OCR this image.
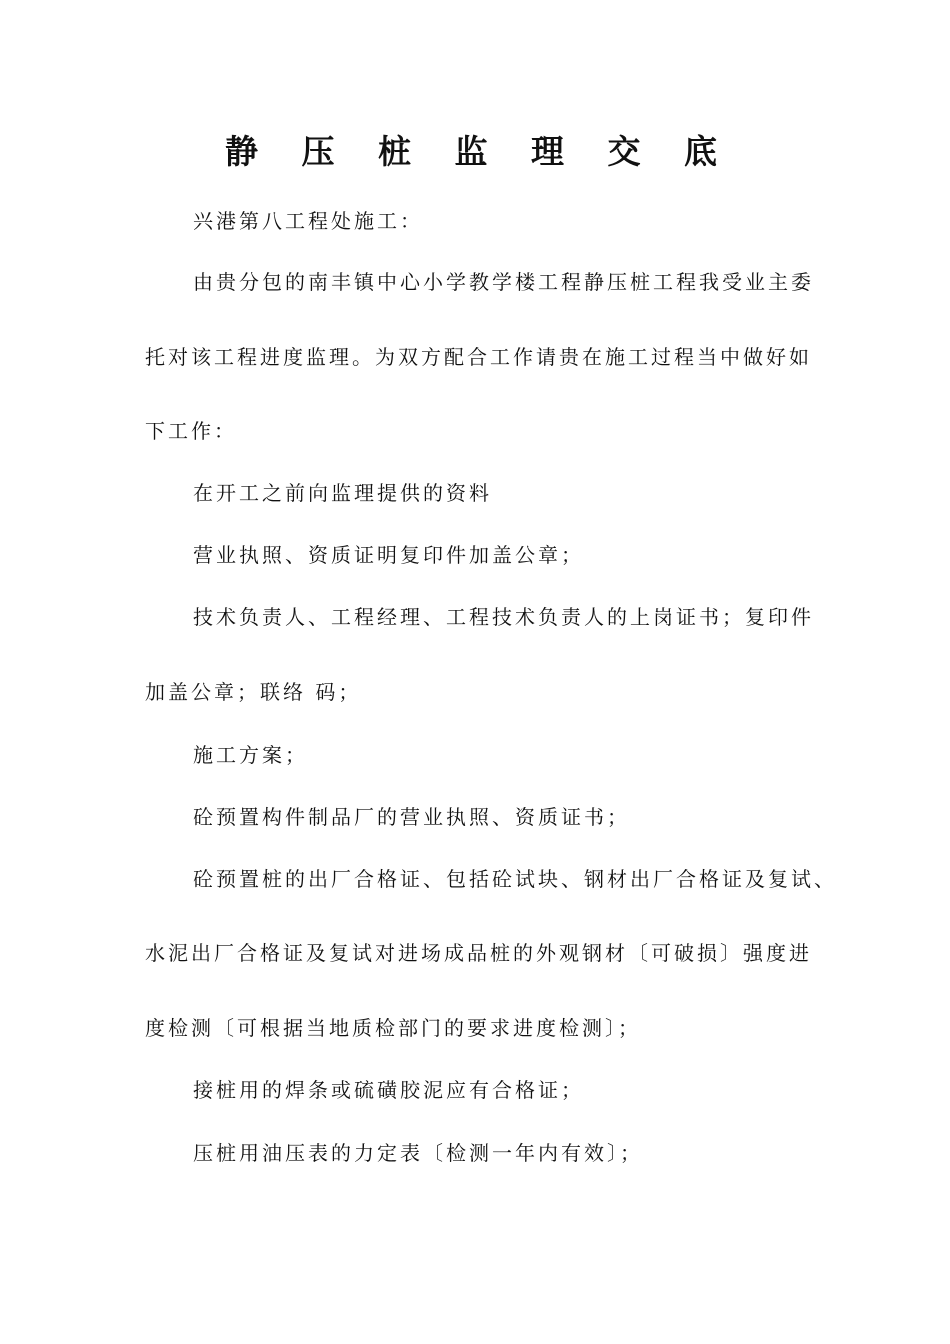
静 压 桩 监 理 交 底
兴港第八工程处施工：
由贵分包的南丰镇中心小学教学楼工程静压桩工程我受业主委
托对该工程进度监理。为双方配合工作请贵在施工过程当中做好如
下工作：
在开工之前向监理提供的资料
营业执照、资质证明复印件加盖公章；
技术负责人、工程经理、工程技术负责人的上岗证书；复印件
加盖公章；联络 码；
施工方案；
砼预置构件制品厂的营业执照、资质证书；
砼预置桩的出厂合格证、包括砼试块、钢材出厂合格证及复试、
水泥出厂合格证及复试对进场成品桩的外观钢材〔可破损〕强度进
度检测〔可根据当地质检部门的要求进度检测〕；
接桩用的焊条或硫磺胶泥应有合格证；
压桩用油压表的力定表〔检测一年内有效〕；
